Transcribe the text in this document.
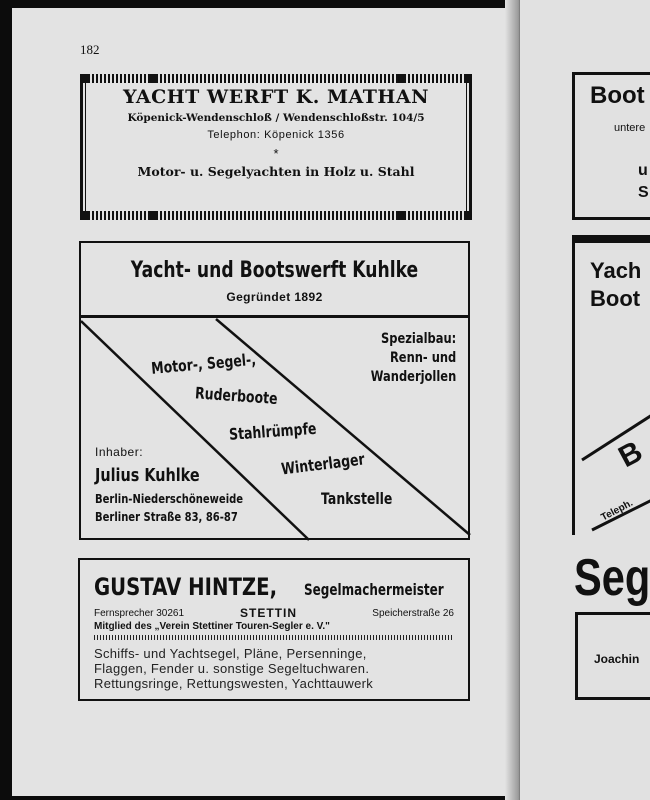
Boot
untere
u
S
Yach
Boot
B
Teleph.
Seg
Joachin
182
YACHT WERFT K. MATHAN
Köpenick-Wendenschloß / Wendenschloßstr. 104/5
Telephon: Köpenick 1356
*
Motor- u. Segelyachten in Holz u. Stahl
Yacht- und Bootswerft Kuhlke
Gegründet 1892
Motor-, Segel-,
Ruderboote
Stahlrümpfe
Winterlager
Tankstelle
Spezialbau:
Renn- und
Wanderjollen
Inhaber:
Julius Kuhlke
Berlin-Niederschöneweide
Berliner Straße 83, 86-87
GUSTAV HINTZE,	Segelmachermeister
Fernsprecher 30261	STETTIN	Speicherstraße 26
Mitglied des „Verein Stettiner Touren-Segler e. V."
Schiffs- und Yachtsegel, Pläne, Persenninge,
Flaggen, Fender u. sonstige Segeltuchwaren.
Rettungsringe, Rettungswesten, Yachttauwerk
